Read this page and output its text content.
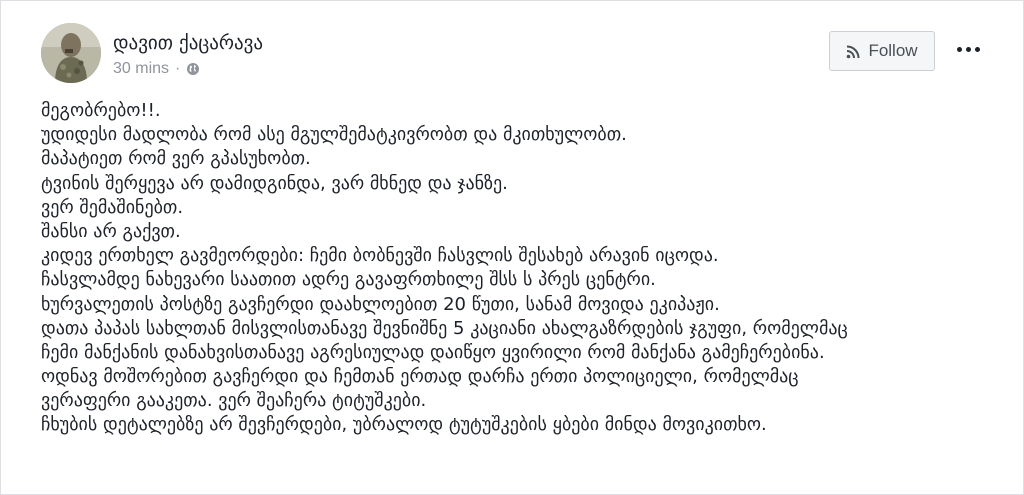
დავით ქაცარავა
30 mins ·
Follow
მეგობრებო!!.
უდიდესი მადლობა რომ ასე მგულშემატკივრობთ და მკითხულობთ.
მაპატიეთ რომ ვერ გპასუხობთ.
ტვინის შერყევა არ დამიდგინდა, ვარ მხნედ და ჯანზე.
ვერ შემაშინებთ.
შანსი არ გაქვთ.
კიდევ ერთხელ გავმეორდები: ჩემი ბობნევში ჩასვლის შესახებ არავინ იცოდა.
ჩასვლამდე ნახევარი საათით ადრე გავაფრთხილე შსს ს პრეს ცენტრი.
ხურვალეთის პოსტზე გავჩერდი დაახლოებით 20 წუთი, სანამ მოვიდა ეკიპაჟი.
დათა პაპას სახლთან მისვლისთანავე შევნიშნე 5 კაციანი ახალგაზრდების ჯგუფი, რომელმაც
ჩემი მანქანის დანახვისთანავე აგრესიულად დაიწყო ყვირილი რომ მანქანა გამეჩერებინა.
ოდნავ მოშორებით გავჩერდი და ჩემთან ერთად დარჩა ერთი პოლიციელი, რომელმაც
ვერაფერი გააკეთა. ვერ შეაჩერა ტიტუშკები.
ჩხუბის დეტალებზე არ შევჩერდები, უბრალოდ ტუტუშკების ყბები მინდა მოვიკითხო.
